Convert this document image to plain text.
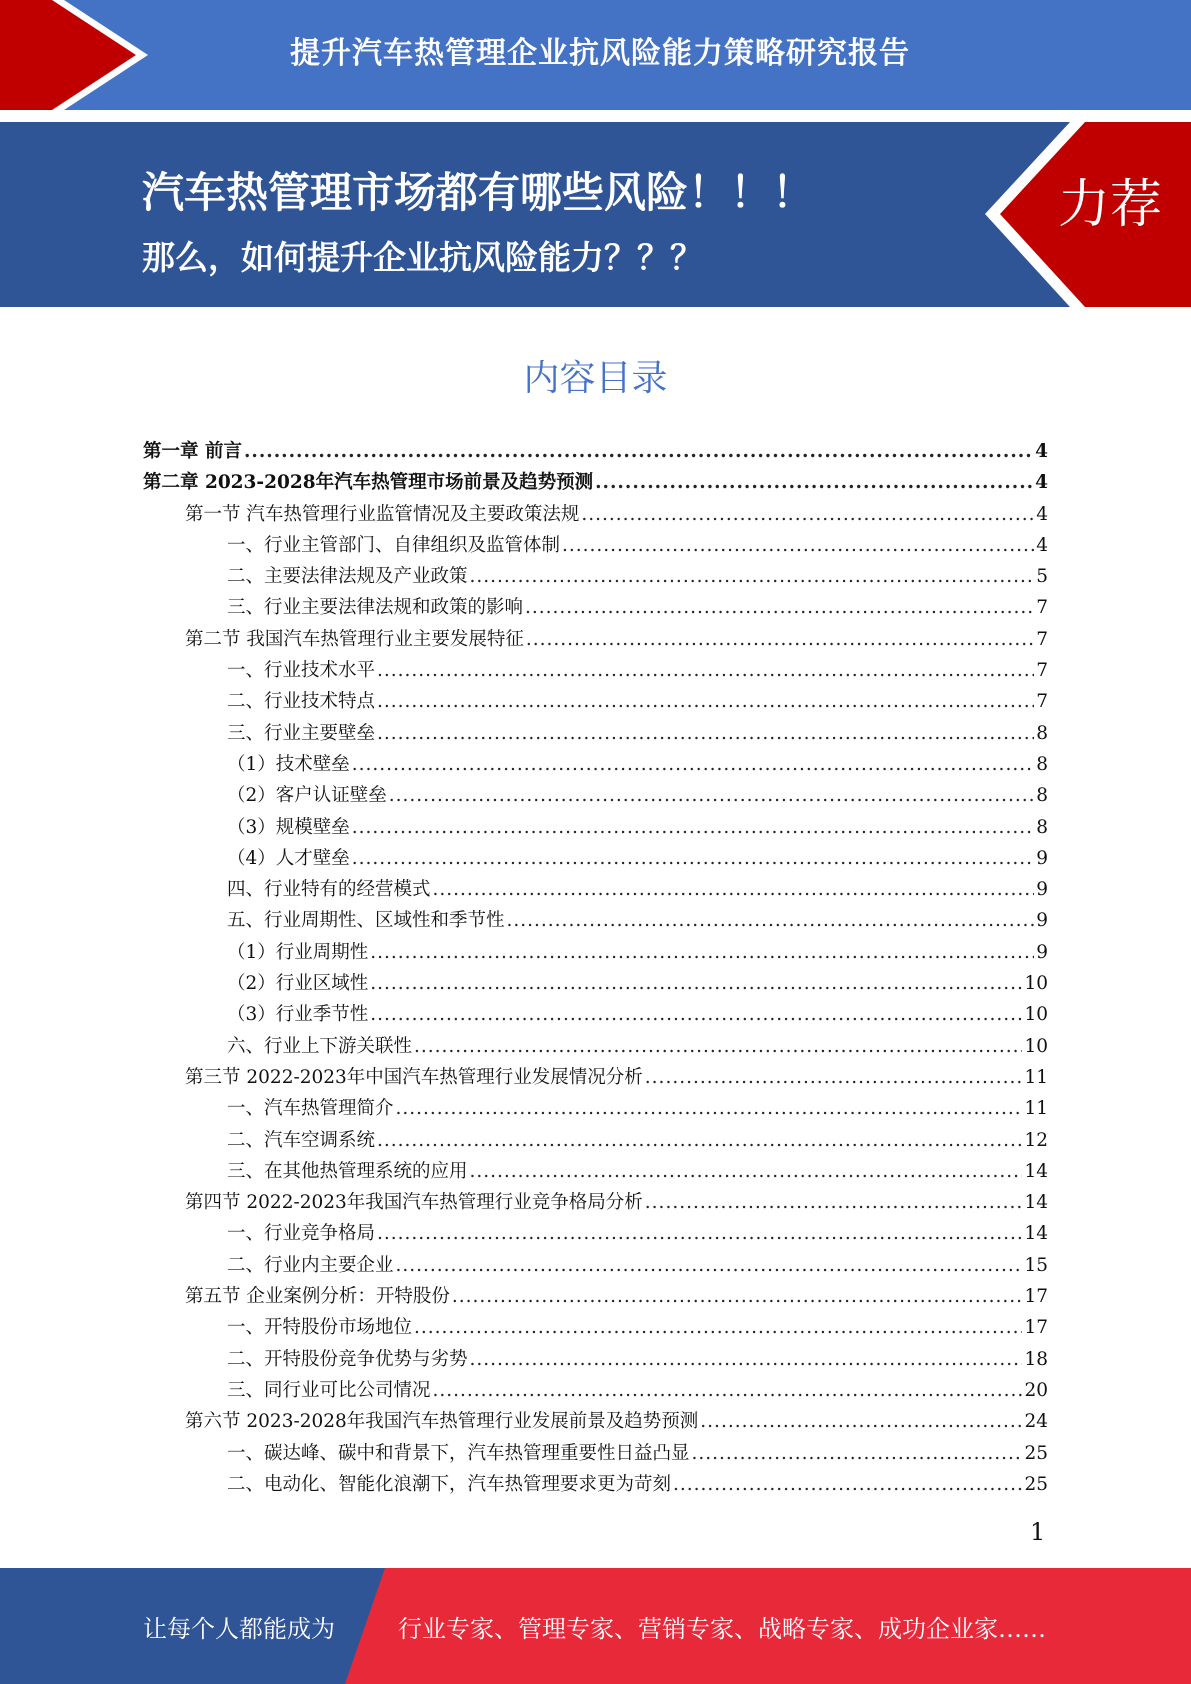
提升汽车热管理企业抗风险能力策略研究报告
汽车热管理市场都有哪些风险！！！
那么，如何提升企业抗风险能力？？？
力荐
内容目录
第一章 前言 .....	4
第二章 2023-2028年汽车热管理市场前景及趋势预测 .....	4
第一节 汽车热管理行业监管情况及主要政策法规 .....	4
一、行业主管部门、自律组织及监管体制 .....	4
二、主要法律法规及产业政策 .....	5
三、行业主要法律法规和政策的影响 .....	7
第二节 我国汽车热管理行业主要发展特征 .....	7
一、行业技术水平 .....	7
二、行业技术特点 .....	7
三、行业主要壁垒 .....	8
（1）技术壁垒 .....	8
（2）客户认证壁垒 .....	8
（3）规模壁垒 .....	8
（4）人才壁垒 .....	9
四、行业特有的经营模式 .....	9
五、行业周期性、区域性和季节性 .....	9
（1）行业周期性 .....	9
（2）行业区域性 .....	10
（3）行业季节性 .....	10
六、行业上下游关联性 .....	10
第三节 2022-2023年中国汽车热管理行业发展情况分析 .....	11
一、汽车热管理简介 .....	11
二、汽车空调系统 .....	12
三、在其他热管理系统的应用 .....	14
第四节 2022-2023年我国汽车热管理行业竞争格局分析 .....	14
一、行业竞争格局 .....	14
二、行业内主要企业 .....	15
第五节 企业案例分析：开特股份 .....	17
一、开特股份市场地位 .....	17
二、开特股份竞争优势与劣势 .....	18
三、同行业可比公司情况 .....	20
第六节 2023-2028年我国汽车热管理行业发展前景及趋势预测 .....	24
一、碳达峰、碳中和背景下，汽车热管理重要性日益凸显 .....	25
二、电动化、智能化浪潮下，汽车热管理要求更为苛刻 .....	25
1
让每个人都能成为	行业专家、管理专家、营销专家、战略专家、成功企业家……
